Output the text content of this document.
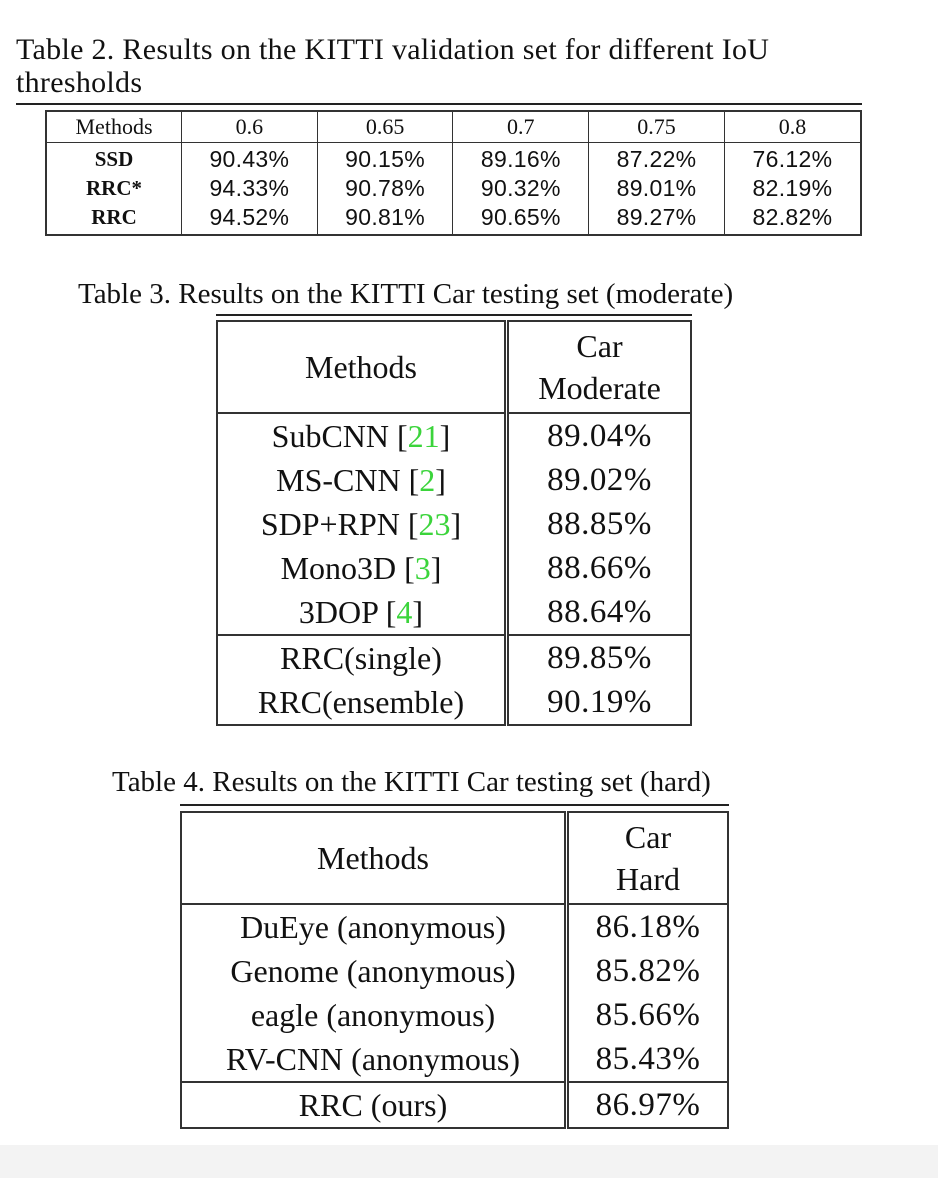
Table 2. Results on the KITTI validation set for different IoU
thresholds
Methods	0.6	0.65	0.7	0.75	0.8
SSD	90.43%	90.15%	89.16%	87.22%	76.12%
RRC*	94.33%	90.78%	90.32%	89.01%	82.19%
RRC	94.52%	90.81%	90.65%	89.27%	82.82%
Table 3. Results on the KITTI Car testing set (moderate)
Methods	Car
Moderate
SubCNN [21]	89.04%
MS-CNN [2]	89.02%
SDP+RPN [23]	88.85%
Mono3D [3]	88.66%
3DOP [4]	88.64%
RRC(single)	89.85%
RRC(ensemble)	90.19%
Table 4. Results on the KITTI Car testing set (hard)
Methods	Car
Hard
DuEye (anonymous)	86.18%
Genome (anonymous)	85.82%
eagle (anonymous)	85.66%
RV-CNN (anonymous)	85.43%
RRC (ours)	86.97%
